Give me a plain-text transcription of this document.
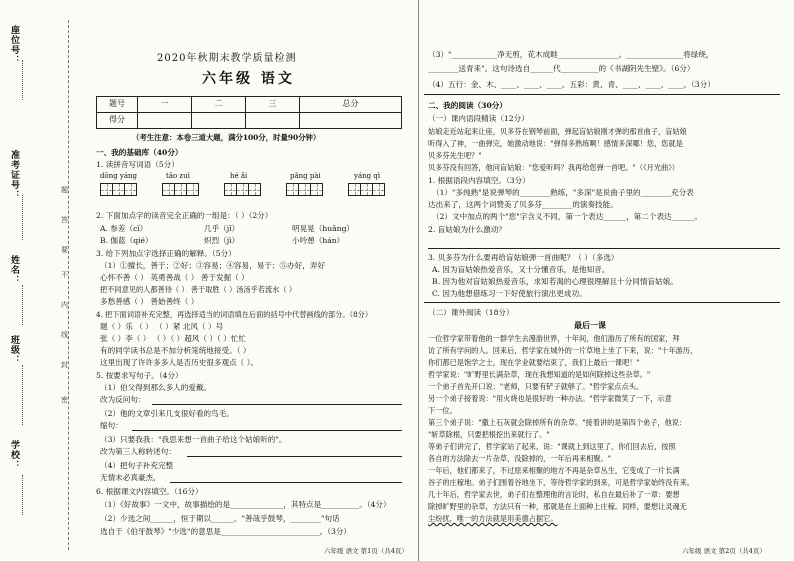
座位号：
准考证号：
姓名：
班级：
学校：
题
答
要
不
内
线
封
密
2020年秋期末教学质量检测
六年级 语文
题号	一	二	三	总分
得分				
（考生注意：本卷三道大题，满分100分，时量90分钟）
一、我的基础库（40分）
1. 读拼音写词语（5分）
dōng yáng	tāo zuì	hé ǎi	pǎng pài	yáng qì
2. 下面加点字的读音完全正确的一组是：（ ）（2分）
A. 参差（cī）	几乎（jǐ）	明晃晃（huǎng）
B. 伽蓝（qié）	炽烈（jì）	小吟憩（hán）
3. 给下列加点字选择正确的解释。（5分）
（1）①擅长，善于；②好；③容易；④容易，易于；⑤办好，弄好
心怀不善（ ） 英勇善战（ ） 善于发掘（ ）
把不同意见的人都善待（ ） 善于取胜（ ）汤汤乎若流水（ ）
多愁善感（ ） 善始善终（ ）
4. 把下面词语补充完整，再选择适当的词语填在后面的括号中代替画线的部分。（8分）
题（ ）乐 （ ） （ ）紧 北风（ ）号
张（ ）李（ ） （ ）（ ）超风（ ）（ ）忙忙
有的同学读书总是不加分析笼统地接受。（ ）
这里出现了许许多多人是否历史很多观点（ ）。
5. 按要求写句子。（4分）
（1）伯父得到那么多人的爱戴。
改为反问句：
（2）他的文章引来几支很好看的鸟毛。
缩句：
（3）只要我我："我思来想一首曲子给这个姑娘听的"。
改为第三人称转述句：
（4）把句子补充完整
无情未必真豪杰，
6. 根据课文内容填空。（16分）
（1）《好故事》一文中，故事描绘的是______________，其特点是__________。（4分）
（2）少选之间______，恒于期以______。"善哉乎鼓琴，________"句话
选自于《伯牙鼓琴》"少选"的意思是__________________________。（3分）
六年级 语文 第1页（共4页）
（3）"____________净无剪，花木成畦________________。_______________将绿绕，
________送青来"。这句诗选自______代__________的《书湖阴先生壁》。（6分）
（4）五行：金、木、____、____、____。五彩：黄、青、____、____、____。（3分）
二、我的阅读（30分）
（一）课内语段精读（12分）
姑娘走近站起来让座，贝多芬在钢琴前面，弹起盲姑娘刚才弹的那首曲子，盲姑娘
听得入了神，一曲弹完，她激动地说："弹得多熟练啊！感情多深哪！您，您就是
贝多芬先生吧？"
贝多芬没有回答，他问盲姑娘："您爱听吗？我再给您弹一首吧。"（《月光曲》）
1. 根据语段内容填空。（3分）
（1）"多纯熟"是说弹琴的________熟练，"多深"是说曲子里的________充分表
达出来了，这两个词赞美了贝多芬________的演奏技能。
（2）文中加点的两个"您"字含义不同，第一个表达______，第二个表达______。
2. 盲姑娘为什么激动？
3. 贝多芬为什么要再给盲姑娘弹一首曲呢？（ ）（多选）
A. 因为盲姑娘热爱音乐，又十分懂音乐，是他知音。
B. 因为他对盲姑娘热爱音乐，求知若渴的心理很理解且十分同情盲姑娘。
C. 因为他想借练习一下好使旅行演出更成功。
（二）课外阅读（18分）
最后一课
一位哲学家带着他的一群学生去漫游世界，十年间，他们游历了所有的国家，拜
访了所有学问的人。回来后，哲学家在城外的一片草地上坐了下来，说："十年游历，
你们都已是饱学之士，现在学业就要结束了，我们上最后一课吧！"
哲学家说："旷野里长满杂草，现在我想知道的是如何除掉这些杂草。"
一个弟子首先开口说："老师，只要有铲子就够了。"哲学家点点头。
另一个弟子接着说："用火烧也是很好的一种办法。"哲学家微笑了一下，示意
下一位。
第三个弟子说："撒上石灰就会除掉所有的杂草。"接着讲的是第四个弟子，他说：
"斩草除根，只要把根挖出来就行了。"
等弟子们讲完了，哲学家站了起来，说："课就上到这里了，你们回去后，按照
各自的方法除去一片杂草，没除掉的，一年后再来相聚。"
一年后，他们都来了，不过原来相聚的地方不再是杂草丛生，它变成了一片长满
谷子的庄稼地。弟子们围着谷地坐下，等待哲学家的到来，可是哲学家始终没有来。
几十年后，哲学家去世，弟子们在整理他的言论时，私自在最后补了一章：要想
除掉旷野里的杂草，方法只有一种，那就是在上面种上庄稼。同样，要想让灵魂无
尘纷扰，唯一的方法就是用美德占据它。
六年级 语文 第2页（共4页）
